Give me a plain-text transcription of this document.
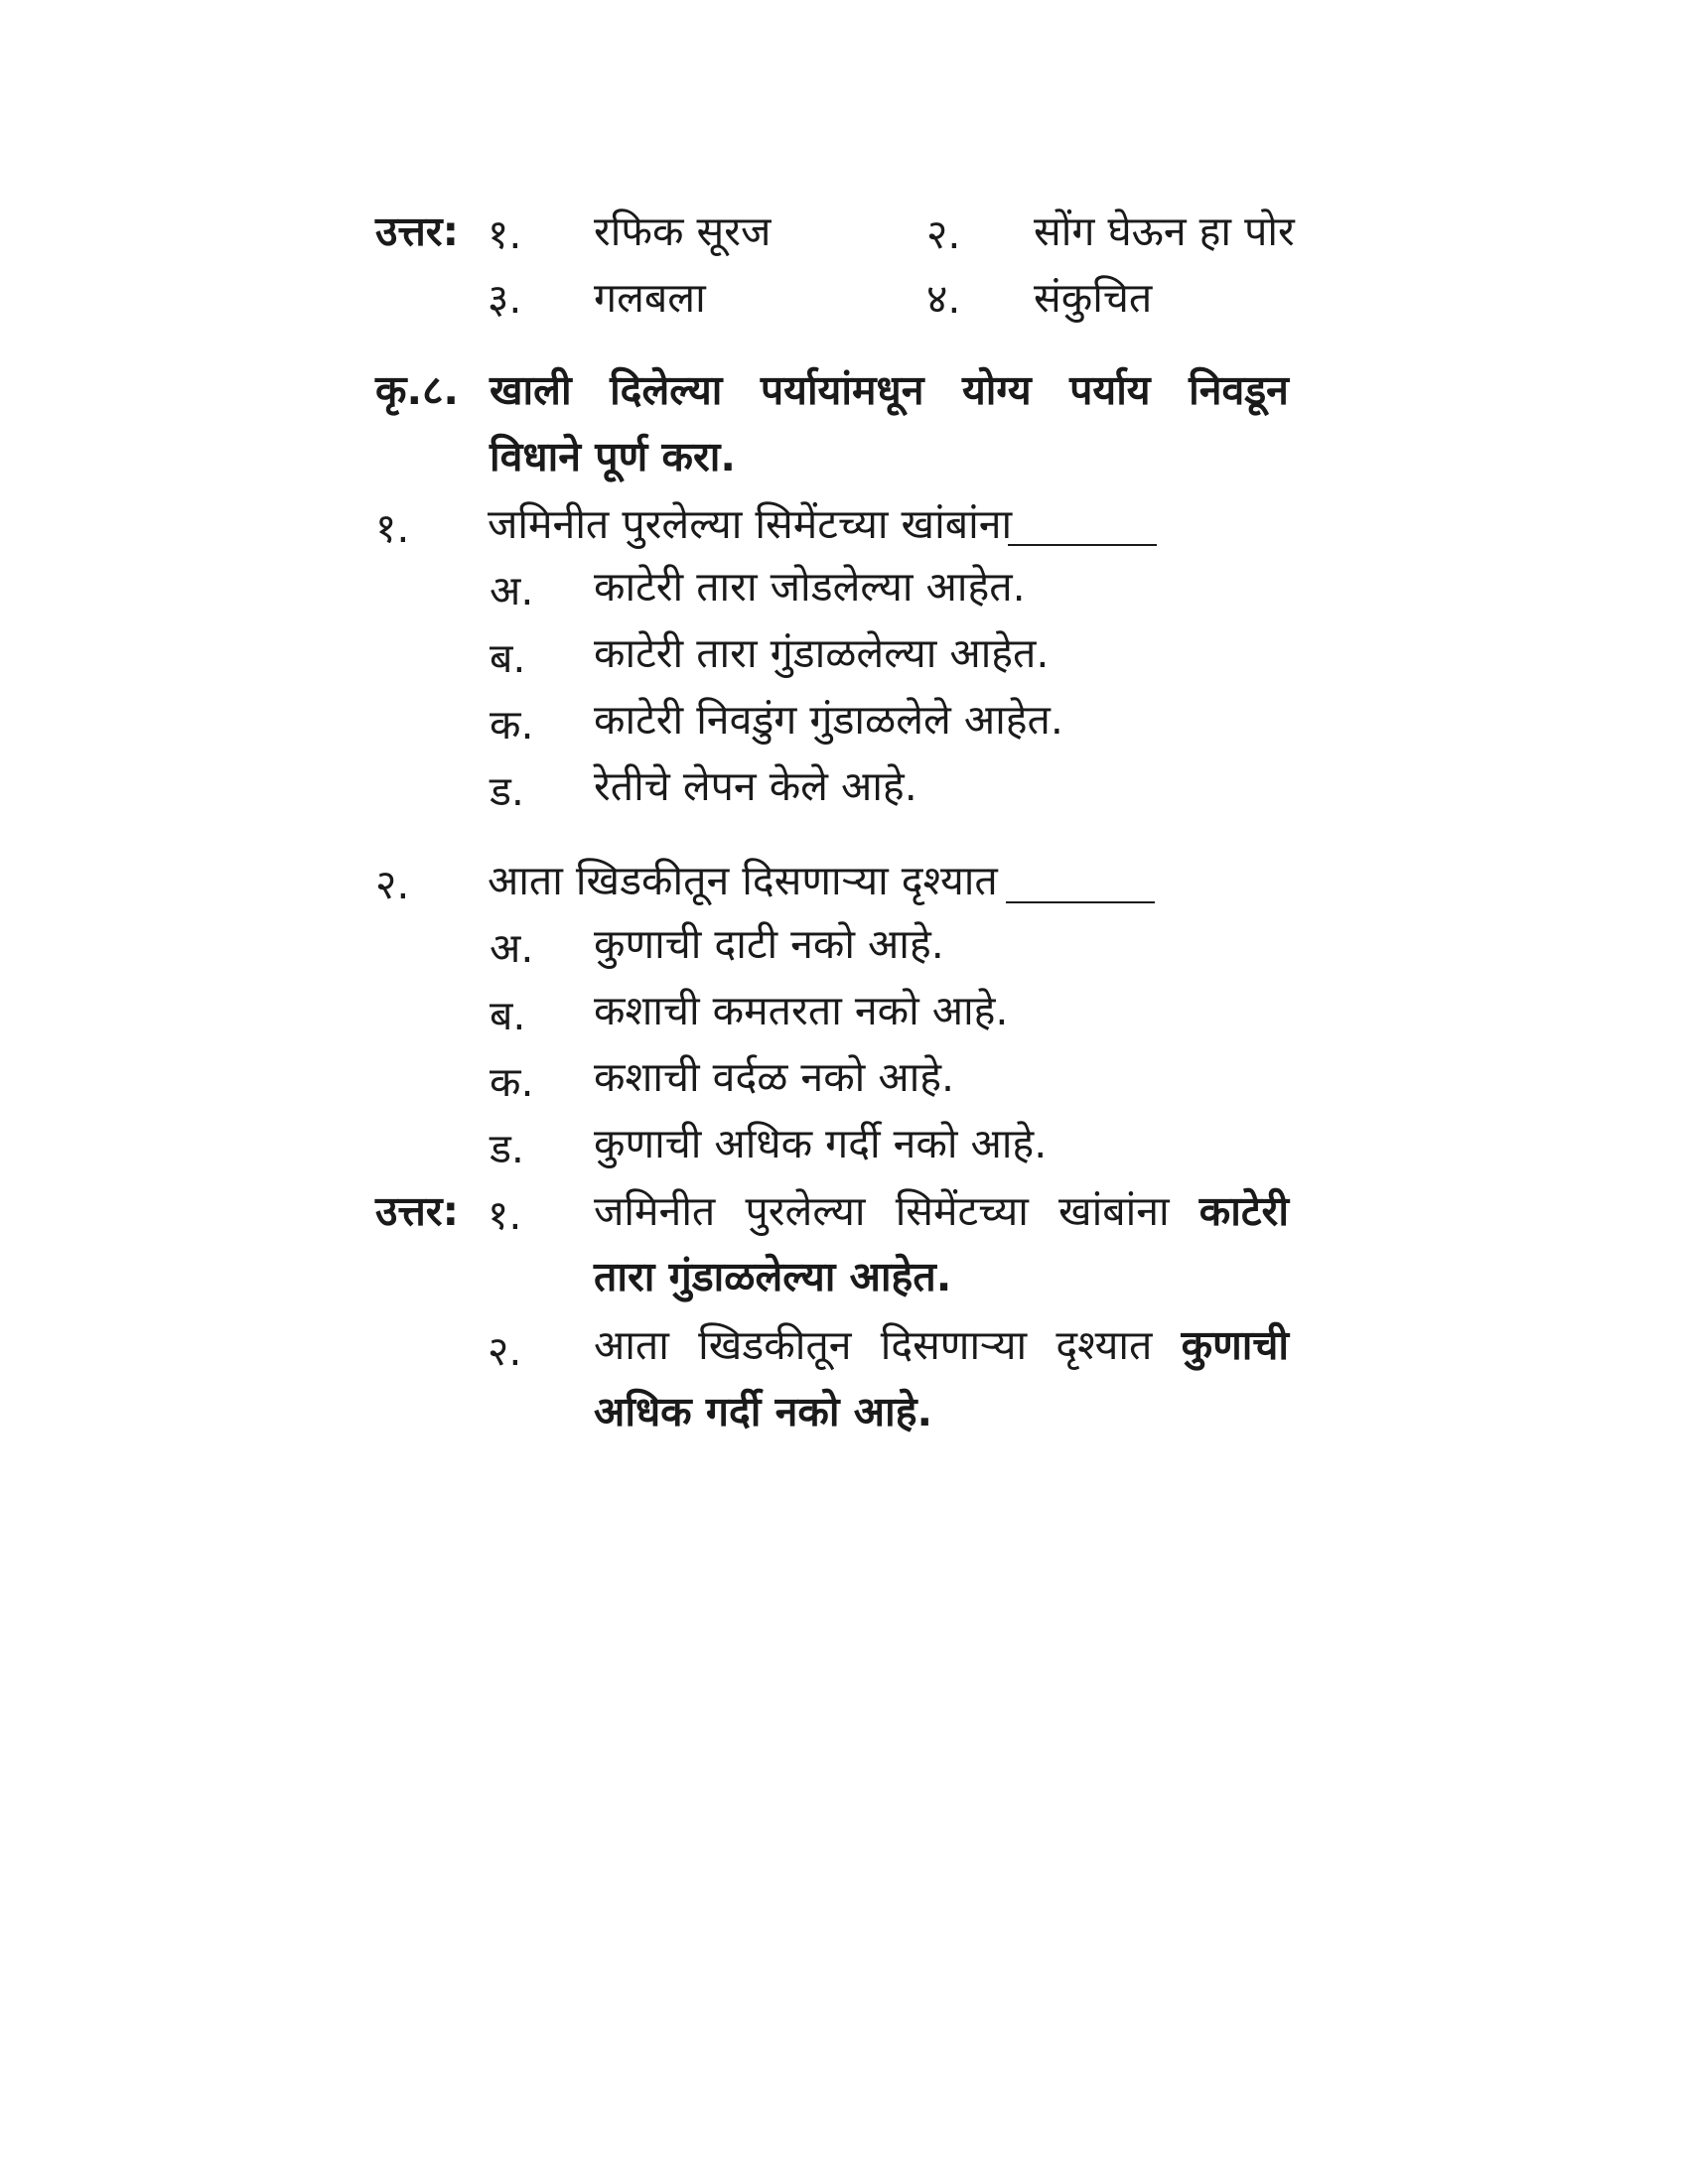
उत्तर: १. रफिक सूरज	२. सोंग घेऊन हा पोर
३. गलबला	४. संकुचित
कृ.८. खाली दिलेल्या पर्यायांमधून योग्य पर्याय निवडून
विधाने पूर्ण करा.
१. जमिनीत पुरलेल्या सिमेंटच्या खांबांना
अ. काटेरी तारा जोडलेल्या आहेत.
ब. काटेरी तारा गुंडाळलेल्या आहेत.
क. काटेरी निवडुंग गुंडाळलेले आहेत.
ड. रेतीचे लेपन केले आहे.
२. आता खिडकीतून दिसणाऱ्या दृश्यात
अ. कुणाची दाटी नको आहे.
ब. कशाची कमतरता नको आहे.
क. कशाची वर्दळ नको आहे.
ड. कुणाची अधिक गर्दी नको आहे.
उत्तर: १. जमिनीत पुरलेल्या सिमेंटच्या खांबांना काटेरी
तारा गुंडाळलेल्या आहेत.
२. आता खिडकीतून दिसणाऱ्या दृश्यात कुणाची
अधिक गर्दी नको आहे.
